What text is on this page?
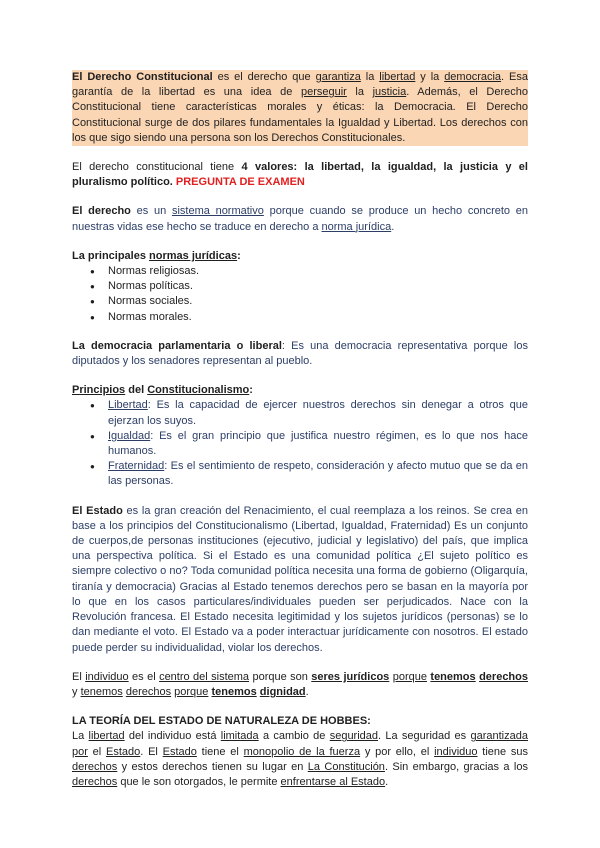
El Derecho Constitucional es el derecho que garantiza la libertad y la democracia. Esa garantía de la libertad es una idea de perseguir la justicia. Además, el Derecho Constitucional tiene características morales y éticas: la Democracia. El Derecho Constitucional surge de dos pilares fundamentales la Igualdad y Libertad. Los derechos con los que sigo siendo una persona son los Derechos Constitucionales.

El derecho constitucional tiene 4 valores: la libertad, la igualdad, la justicia y el pluralismo político. PREGUNTA DE EXAMEN

El derecho es un sistema normativo porque cuando se produce un hecho concreto en nuestras vidas ese hecho se traduce en derecho a norma jurídica.

La principales normas jurídicas:

● Normas religiosas.
● Normas políticas.
● Normas sociales.
● Normas morales.

La democracia parlamentaria o liberal: Es una democracia representativa porque los diputados y los senadores representan al pueblo.

Principios del Constitucionalismo:

● Libertad: Es la capacidad de ejercer nuestros derechos sin denegar a otros que ejerzan los suyos.
● Igualdad: Es el gran principio que justifica nuestro régimen, es lo que nos hace humanos.
● Fraternidad: Es el sentimiento de respeto, consideración y afecto mutuo que se da en las personas.

El Estado es la gran creación del Renacimiento, el cual reemplaza a los reinos. Se crea en base a los principios del Constitucionalismo (Libertad, Igualdad, Fraternidad) Es un conjunto de cuerpos,de personas instituciones (ejecutivo, judicial y legislativo) del país, que implica una perspectiva política. Si el Estado es una comunidad política ¿El sujeto político es siempre colectivo o no? Toda comunidad política necesita una forma de gobierno (Oligarquía, tiranía y democracia) Gracias al Estado tenemos derechos pero se basan en la mayoría por lo que en los casos particulares/individuales pueden ser perjudicados. Nace con la Revolución francesa. El Estado necesita legitimidad y los sujetos jurídicos (personas) se lo dan mediante el voto. El Estado va a poder interactuar jurídicamente con nosotros. El estado puede perder su individualidad, violar los derechos.

El individuo es el centro del sistema porque son seres jurídicos porque tenemos derechos y tenemos derechos porque tenemos dignidad.

LA TEORÍA DEL ESTADO DE NATURALEZA DE HOBBES:

La libertad del individuo está limitada a cambio de seguridad. La seguridad es garantizada por el Estado. El Estado tiene el monopolio de la fuerza y por ello, el individuo tiene sus derechos y estos derechos tienen su lugar en La Constitución. Sin embargo, gracias a los derechos que le son otorgados, le permite enfrentarse al Estado.
